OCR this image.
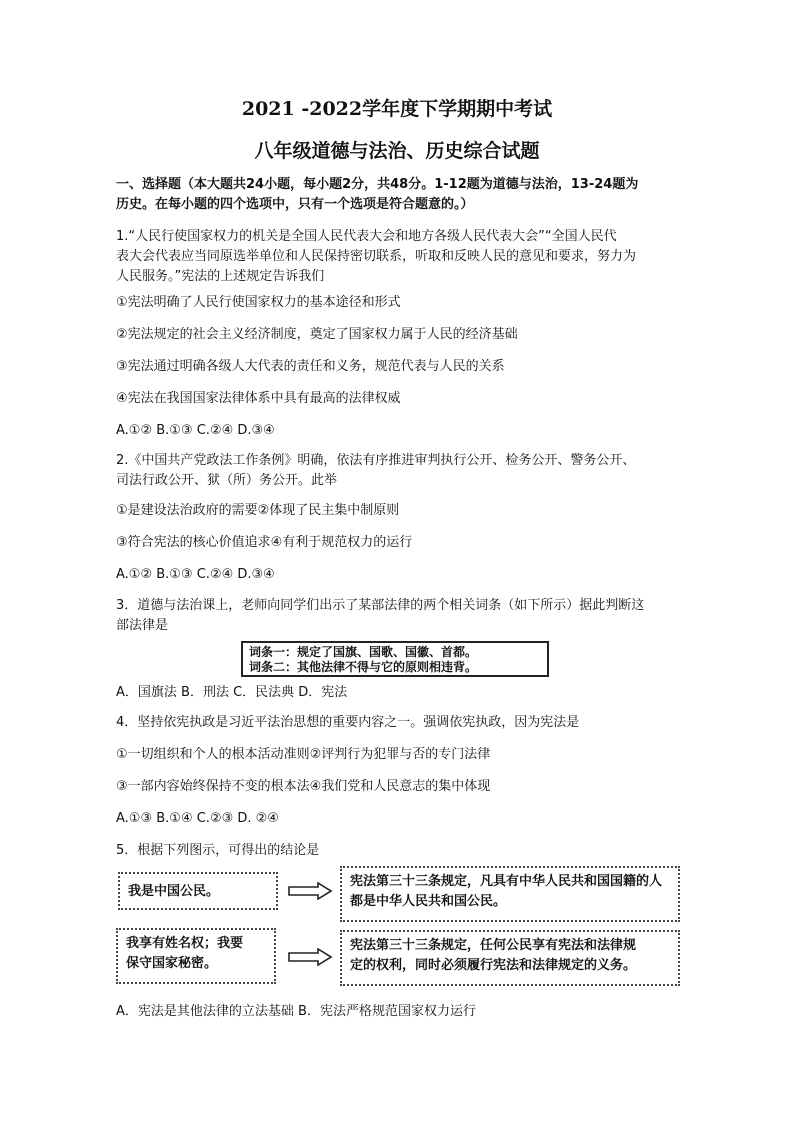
2021 -2022学年度下学期期中考试
八年级道德与法治、历史综合试题
一、选择题（本大题共24小题，每小题2分，共48分。1-12题为道德与法治，13-24题为
历史。在每小题的四个选项中，只有一个选项是符合题意的。）
1.“人民行使国家权力的机关是全国人民代表大会和地方各级人民代表大会”“全国人民代
表大会代表应当同原选举单位和人民保持密切联系，听取和反映人民的意见和要求，努力为
人民服务。”宪法的上述规定告诉我们
①宪法明确了人民行使国家权力的基本途径和形式
②宪法规定的社会主义经济制度，奠定了国家权力属于人民的经济基础
③宪法通过明确各级人大代表的责任和义务，规范代表与人民的关系
④宪法在我国国家法律体系中具有最高的法律权威
A.①② B.①③ C.②④ D.③④
2.《中国共产党政法工作条例》明确，依法有序推进审判执行公开、检务公开、警务公开、
司法行政公开、狱（所）务公开。此举
①是建设法治政府的需要②体现了民主集中制原则
③符合宪法的核心价值追求④有利于规范权力的运行
A.①② B.①③ C.②④ D.③④
3．道德与法治课上，老师向同学们出示了某部法律的两个相关词条（如下所示）据此判断这
部法律是
词条一：规定了国旗、国歌、国徽、首都。
词条二：其他法律不得与它的原则相违背。
A．国旗法 B．刑法 C．民法典 D．宪法
4．坚持依宪执政是习近平法治思想的重要内容之一。强调依宪执政，因为宪法是
①一切组织和个人的根本活动准则②评判行为犯罪与否的专门法律
③一部内容始终保持不变的根本法④我们党和人民意志的集中体现
A.①③ B.①④ C.②③ D. ②④
5．根据下列图示，可得出的结论是
我是中国公民。
宪法第三十三条规定，凡具有中华人民共和国国籍的人
都是中华人民共和国公民。
我享有姓名权；我要
保守国家秘密。
宪法第三十三条规定，任何公民享有宪法和法律规
定的权利，同时必须履行宪法和法律规定的义务。
A．宪法是其他法律的立法基础 B．宪法严格规范国家权力运行
